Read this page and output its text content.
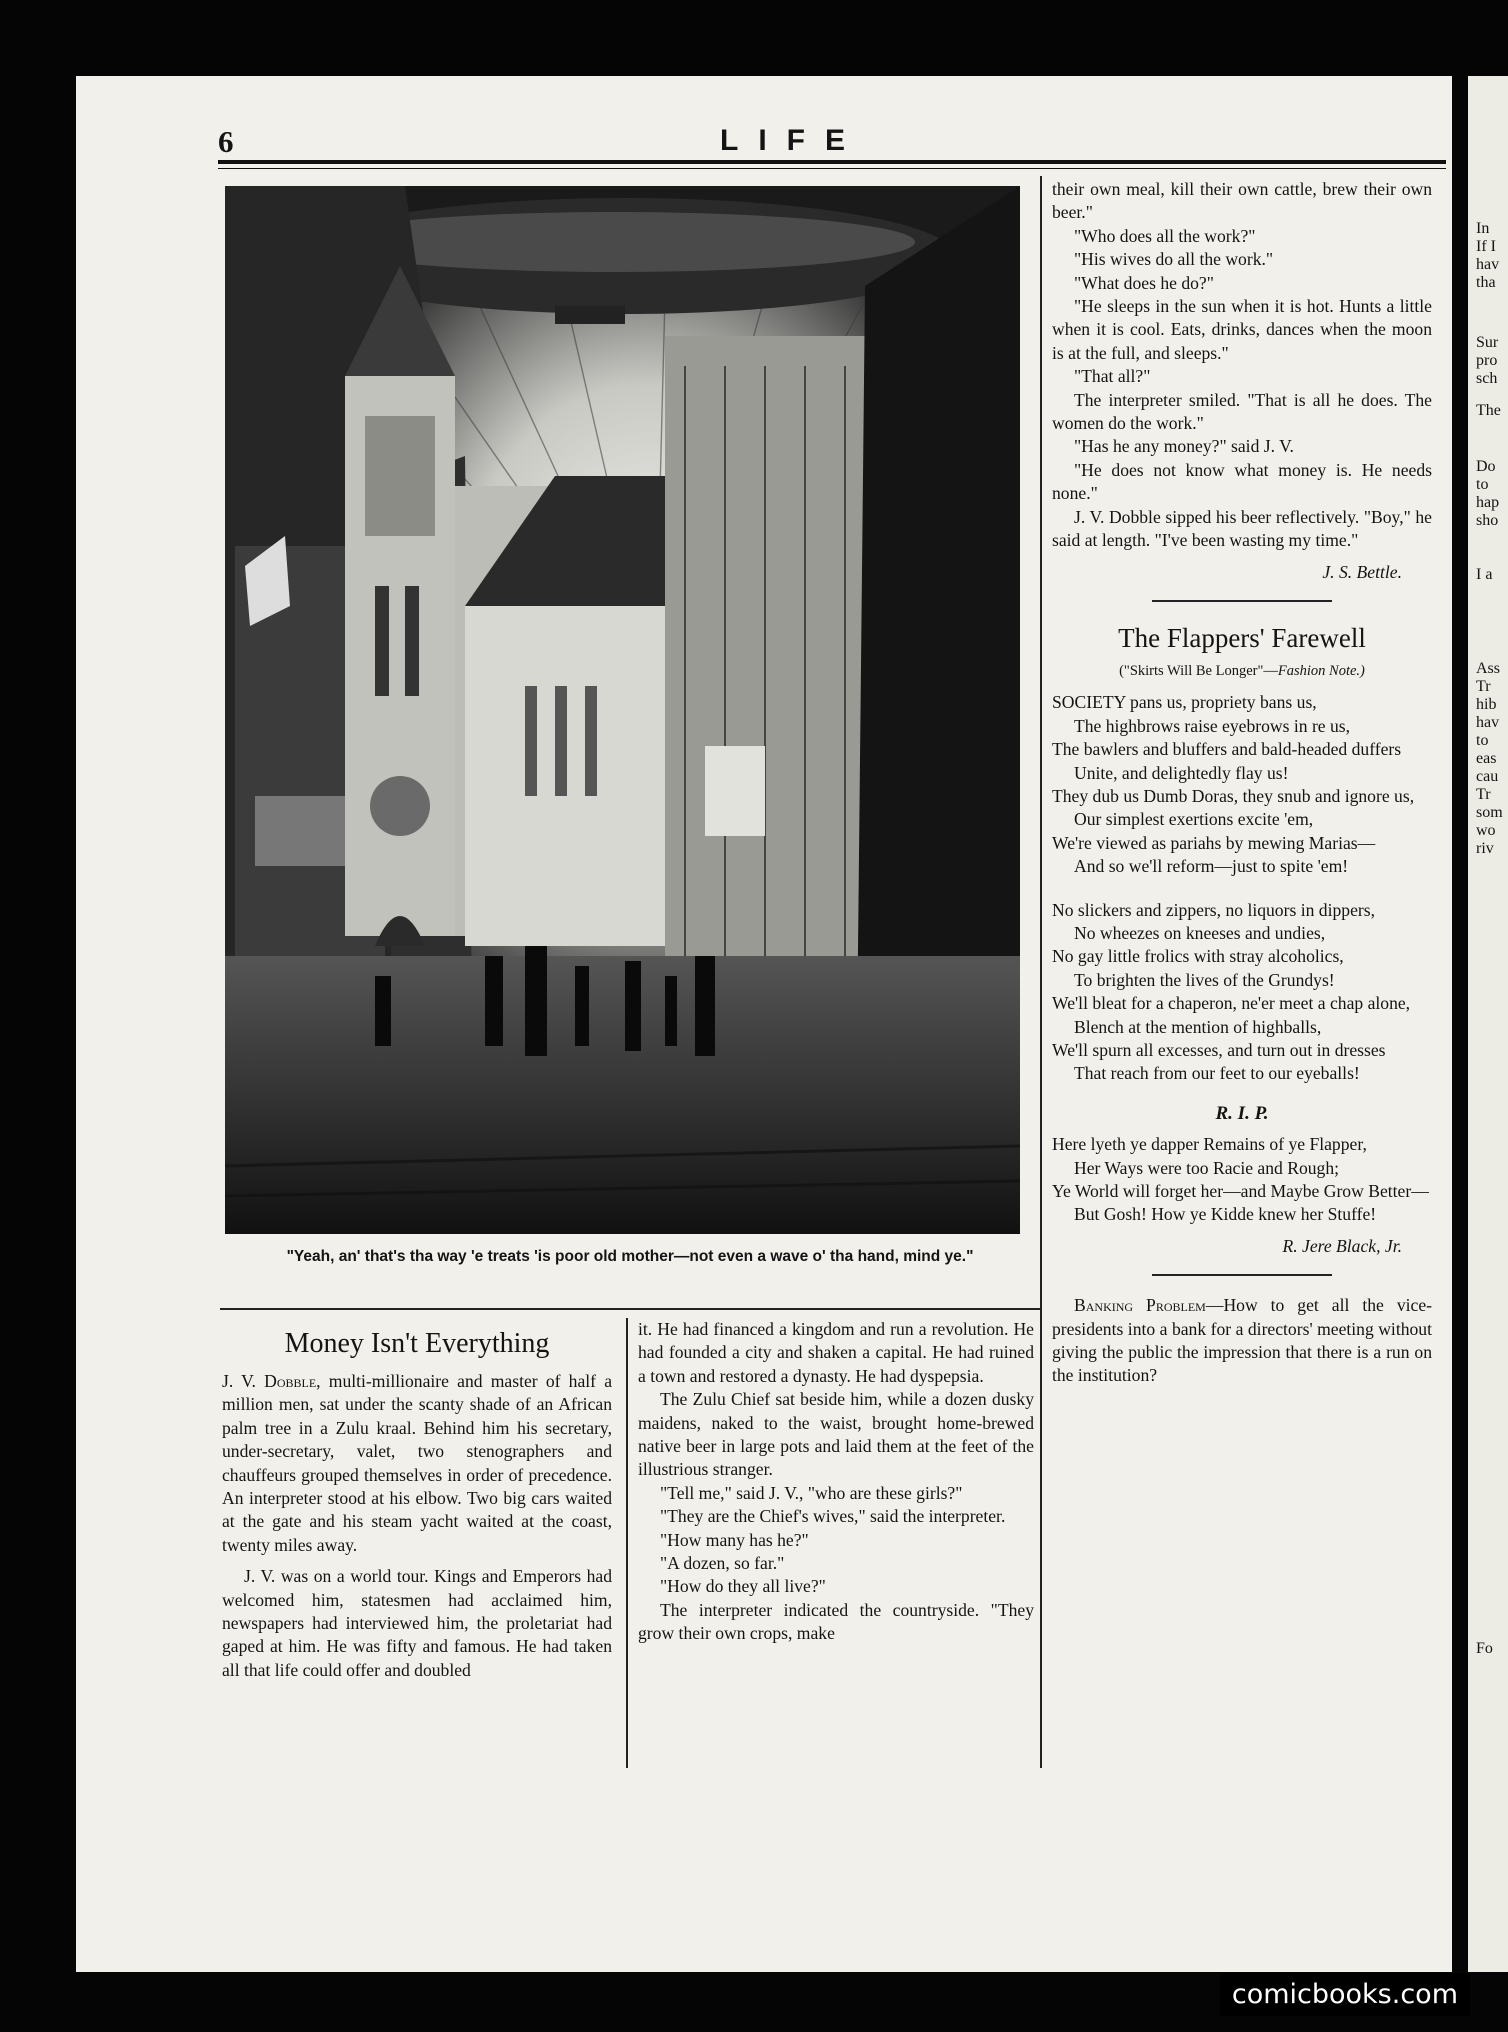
In
If I
hav
tha
Sur
pro
sch
The
Do
to
hap
sho
I a
Ass
Tr
hib
hav
to
eas
cau
Tr
som
wo
riv
Fo
6	LIFE
"Yeah, an' that's tha way 'e treats 'is poor old mother—not even a wave o' tha hand, mind ye."
Money Isn't Everything

J. V. Dobble, multi-millionaire and master of half a million men, sat under the scanty shade of an African palm tree in a Zulu kraal. Behind him his secretary, under-secretary, valet, two stenographers and chauffeurs grouped themselves in order of precedence. An interpreter stood at his elbow. Two big cars waited at the gate and his steam yacht waited at the coast, twenty miles away.

J. V. was on a world tour. Kings and Emperors had welcomed him, statesmen had acclaimed him, newspapers had interviewed him, the proletariat had gaped at him. He was fifty and famous. He had taken all that life could offer and doubled

it. He had financed a kingdom and run a revolution. He had founded a city and shaken a capital. He had ruined a town and restored a dynasty. He had dyspepsia.

The Zulu Chief sat beside him, while a dozen dusky maidens, naked to the waist, brought home-brewed native beer in large pots and laid them at the feet of the illustrious stranger.

"Tell me," said J. V., "who are these girls?"

"They are the Chief's wives," said the interpreter.

"How many has he?"

"A dozen, so far."

"How do they all live?"

The interpreter indicated the countryside. "They grow their own crops, make

their own meal, kill their own cattle, brew their own beer."

"Who does all the work?"

"His wives do all the work."

"What does he do?"

"He sleeps in the sun when it is hot. Hunts a little when it is cool. Eats, drinks, dances when the moon is at the full, and sleeps."

"That all?"

The interpreter smiled. "That is all he does. The women do the work."

"Has he any money?" said J. V.

"He does not know what money is. He needs none."

J. V. Dobble sipped his beer reflectively. "Boy," he said at length. "I've been wasting my time."

J. S. Bettle.
The Flappers' Farewell
("Skirts Will Be Longer"—Fashion Note.)
SOCIETY pans us, propriety bans us,
The highbrows raise eyebrows in re us,
The bawlers and bluffers and bald-headed duffers
Unite, and delightedly flay us!
They dub us Dumb Doras, they snub and ignore us,
Our simplest exertions excite 'em,
We're viewed as pariahs by mewing Marias—
And so we'll reform—just to spite 'em!
No slickers and zippers, no liquors in dippers,
No wheezes on kneeses and undies,
No gay little frolics with stray alcoholics,
To brighten the lives of the Grundys!
We'll bleat for a chaperon, ne'er meet a chap alone,
Blench at the mention of highballs,
We'll spurn all excesses, and turn out in dresses
That reach from our feet to our eyeballs!
R. I. P.
Here lyeth ye dapper Remains of ye Flapper,
Her Ways were too Racie and Rough;
Ye World will forget her—and Maybe Grow Better—
But Gosh! How ye Kidde knew her Stuffe!
R. Jere Black, Jr.

Banking Problem—How to get all the vice-presidents into a bank for a directors' meeting without giving the public the impression that there is a run on the institution?

comicbooks.com
